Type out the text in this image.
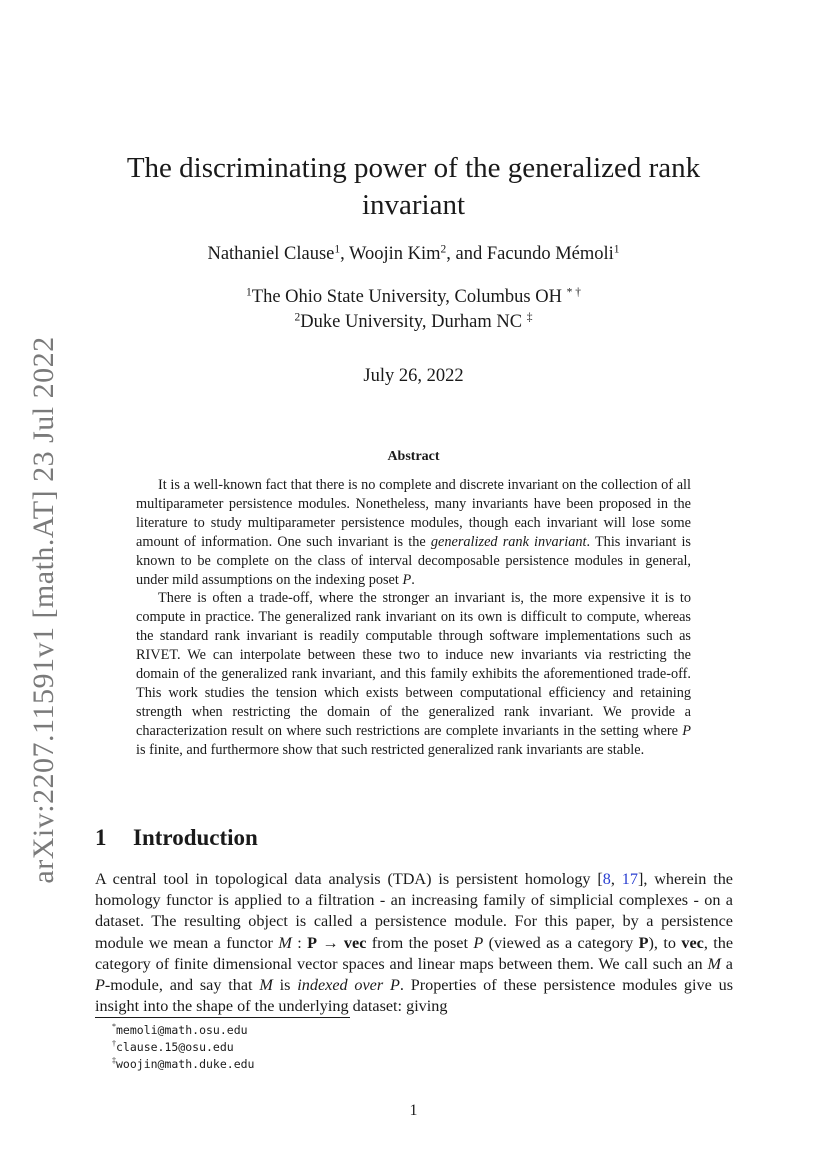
arXiv:2207.11591v1 [math.AT] 23 Jul 2022
The discriminating power of the generalized rank invariant
Nathaniel Clause$^1$, Woojin Kim$^2$, and Facundo Mémoli$^1$
$^1$The Ohio State University, Columbus OH * †
$^2$Duke University, Durham NC ‡
July 26, 2022
Abstract

It is a well-known fact that there is no complete and discrete invariant on the collection of all multiparameter persistence modules. Nonetheless, many invariants have been proposed in the literature to study multiparameter persistence modules, though each invariant will lose some amount of information. One such invariant is the generalized rank invariant. This invariant is known to be complete on the class of interval decomposable persistence modules in general, under mild assumptions on the indexing poset P.

There is often a trade-off, where the stronger an invariant is, the more expensive it is to compute in practice. The generalized rank invariant on its own is difficult to compute, whereas the standard rank invariant is readily computable through software implementations such as RIVET. We can interpolate between these two to induce new invariants via restricting the domain of the generalized rank invariant, and this family exhibits the aforementioned trade-off. This work studies the tension which exists between computational efficiency and retaining strength when restricting the domain of the generalized rank invariant. We provide a characterization result on where such restrictions are complete invariants in the setting where P is finite, and furthermore show that such restricted generalized rank invariants are stable.

1 Introduction

A central tool in topological data analysis (TDA) is persistent homology [8, 17], wherein the homology functor is applied to a filtration - an increasing family of simplicial complexes - on a dataset. The resulting object is called a persistence module. For this paper, by a persistence module we mean a functor M : P → vec from the poset P (viewed as a category P), to vec, the category of finite dimensional vector spaces and linear maps between them. We call such an M a P-module, and say that M is indexed over P. Properties of these persistence modules give us insight into the shape of the underlying dataset: giving

*memoli@math.osu.edu
†clause.15@osu.edu
‡woojin@math.duke.edu
1
